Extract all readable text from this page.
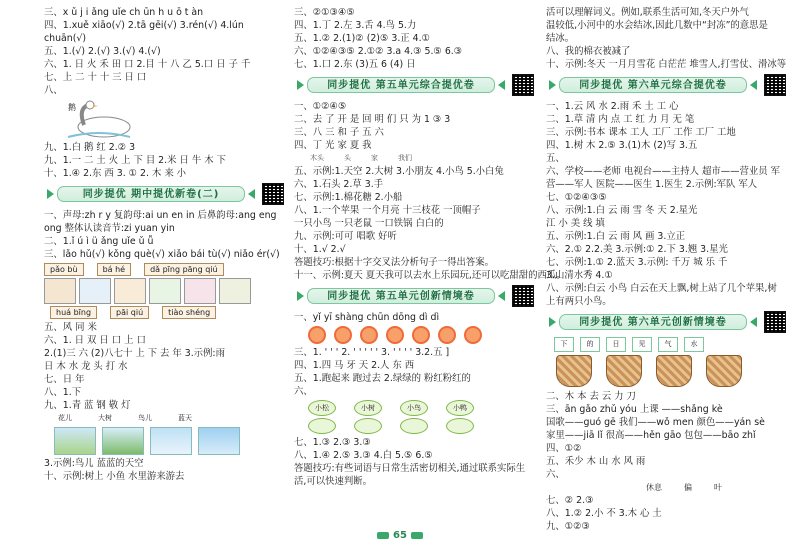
三、x ǔ j i ǎng uǐe ch ūn h u ō t àn
四、1.xuě xiāo(√) 2.tā gēi(√) 3.rén(√) 4.lún
chuān(√)
五、1.(√) 2.(√) 3.(√) 4.(√)
六、1. 日 火 禾 田 口 2.目 十 八 乙 5.口 日 子 千
七、上 二 十 十 三 日 口
八、
鹅
九、1.白 鹅 红 2.② 3
九、1.一 二 土 火 上 下 目 2.米 日 牛 木 下
十、1.④ 2.东 西 3. ① 2. 木 来 小
同步提优 期中提优新卷(二)
一、声母:zh r y 复韵母:ai un en in 后鼻韵母:ang eng
ong 整体认读音节:zi yuan yin
二、1.ǐ ú ì ü ǎng uǐe ǔ ǚ
三、lǎo hǔ(√) kǒng què(√) xiǎo bái tù(√) niǎo ér(√)
pǎo bù	bá hé	dǎ pīng pāng qiú
huá bīng	pāi qiú	tiào shéng
五、风 同 米
六、1. 日 双 日 口 上 口
2.(1)三 六 (2)八七十 上 下 去 年 3.示例:雨
日 木 水 龙 头 打 水
七、日 年
八、1.下
九、1.青 蓝 钢 敬 灯
花儿	大树	鸟儿	蓝天
3.示例:鸟儿 蓝蓝的天空
十、示例:树上 小鱼 水里游来游去
三、②①③④⑤
四、1.丁 2.左 3.舌 4.鸟 5.力
五、1.② 2.(1)② (2)⑤ 3.正 4.①
六、①②④③⑤ 2.①② 3.a 4.③ 5.⑤ 6.③
七、1.口 2.东 (3)五 6 (4) 日
同步提优 第五单元综合提优卷
一、①②④⑤
二、去 了 开 是 回 明 们 只 为 1 ③ 3
三、八 三 和 子 五 六
四、丁 光 家 夏 我
木头	头	家	我们
五、示例:1.天空 2.大树 3.小朋友 4.小鸟 5.小白兔
六、1.石头 2.草 3.手
七、示例:1.棉花糖 2.小船
八、1.一个苹果 一个月亮 十三枝花 一顶帽子
一只小鸟 一只老鼠 一口铁锅 白白的
九、示例:可可 唱歌 好听
十、1.√ 2.√
答题技巧:根据十字交叉法分析句子一得出答案。
十一、示例:夏天 夏天我可以去水上乐园玩,还可以吃甜甜的西瓜。
同步提优 第五单元创新情境卷
一、yǐ yī shàng chūn dōng dì dì
三、1. ' ' ' 2. ' ' ' ' ' 3. ' ' ' ' 3.2.五 ]
四、1.四 马 牙 天 2.人 东 西
五、1.跑起来 跑过去 2.绿绿的 粉红粉红的
六、
小松	小树	小鸟	小鸭
七、1.③ 2.③ 3.③
八、1.④ 2.⑤ 3.③ 4.白 5.⑤ 6.⑤
答题技巧:有些词语与日常生活密切相关,通过联系实际生
活,可以快速判断。
活可以理解词义。例如,联系生活可知,冬天户外气
温较低,小河中的水会结冰,因此几数中“封冻”的意思是
结冰。
八、我的棉衣被减了
十、示例:冬天 一月月雪花 白茫茫 堆雪人,打雪仗、滑冰等
同步提优 第六单元综合提优卷
一、1.云 风 水 2.雨 禾 土 工 心
二、1.草 清 内 点 工 红 力 月 无 笔
三、示例:书本 课本 工人 工厂 工作 工厂 工地
四、1.树 木 2.⑤ 3.(1)木 (2)写 3.五
五、
六、学校——老师 电视台——主持人 超市——营业员 军
营——军人 医院——医生 1.医生 2.示例:军队 军人
七、①②④③⑤
八、示例:1.白 云 雨 雪 冬 天 2.星光
江 小 美 线 填
五、示例:1.白 云 雨 风 画 3.立正
六、2.① 2.2.美 3.示例:① 2.下 3.翘 3.星光
七、示例:1.① 2.蓝天 3.示例: 千万 城 乐 千
3.山清水秀 4.①
八、示例:白云 小鸟 白云在天上飘,树上站了几个苹果,树
上有两只小鸟。
同步提优 第六单元创新情境卷
下	的	日	见	气	水
二、木 本 去 云 力 刀
三、ān gǎo zhǔ yóu 上课 ——shǎng kè
国歌——guó gē 我们——wǒ men 颜色——yán sè
家里——jiā lǐ 很高——hěn gāo 包包——bāo zhǐ
四、①②
五、禾少 木 山 水 风 雨
六、
休息	偏	叶
七、② 2.③
八、1.② 2.小 不 3.木 心 土
九、①②③
65
